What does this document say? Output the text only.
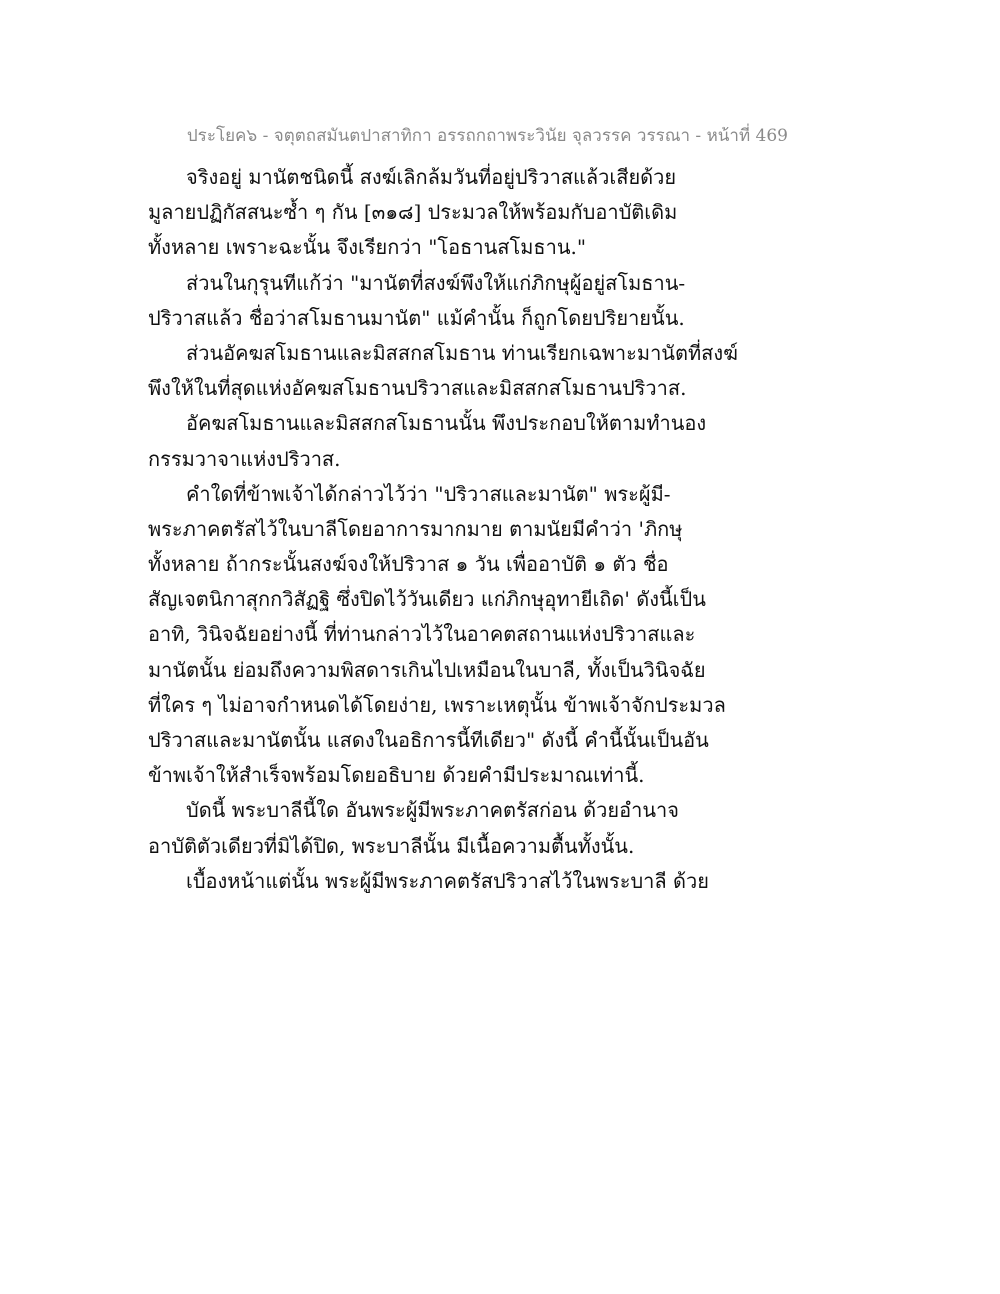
ประโยค๖ - จตุตถสมันตปาสาทิกา อรรถกถาพระวินัย จุลวรรค วรรณา - หน้าที่ 469
จริงอยู่ มานัตชนิดนี้ สงฆ์เลิกล้มวันที่อยู่ปริวาสแล้วเสียด้วย
มูลายปฏิกัสสนะซ้ำ ๆ กัน [๓๑๘] ประมวลให้พร้อมกับอาบัติเดิม
ทั้งหลาย เพราะฉะนั้น จึงเรียกว่า "โอธานสโมธาน."
ส่วนในกุรุนทีแก้ว่า "มานัตที่สงฆ์พึงให้แก่ภิกษุผู้อยู่สโมธาน-
ปริวาสแล้ว ชื่อว่าสโมธานมานัต" แม้คำนั้น ก็ถูกโดยปริยายนั้น.
ส่วนอัคฆสโมธานและมิสสกสโมธาน ท่านเรียกเฉพาะมานัตที่สงฆ์
พึงให้ในที่สุดแห่งอัคฆสโมธานปริวาสและมิสสกสโมธานปริวาส.
อัคฆสโมธานและมิสสกสโมธานนั้น พึงประกอบให้ตามทำนอง
กรรมวาจาแห่งปริวาส.
คำใดที่ข้าพเจ้าได้กล่าวไว้ว่า "ปริวาสและมานัต" พระผู้มี-
พระภาคตรัสไว้ในบาลีโดยอาการมากมาย ตามนัยมีคำว่า 'ภิกษุ
ทั้งหลาย ถ้ากระนั้นสงฆ์จงให้ปริวาส ๑ วัน เพื่ออาบัติ ๑ ตัว ชื่อ
สัญเจตนิกาสุกกวิสัฏฐิ ซึ่งปิดไว้วันเดียว แก่ภิกษุอุทายีเถิด' ดังนี้เป็น
อาทิ, วินิจฉัยอย่างนี้ ที่ท่านกล่าวไว้ในอาคตสถานแห่งปริวาสและ
มานัตนั้น ย่อมถึงความพิสดารเกินไปเหมือนในบาลี, ทั้งเป็นวินิจฉัย
ที่ใคร ๆ ไม่อาจกำหนดได้โดยง่าย, เพราะเหตุนั้น ข้าพเจ้าจักประมวล
ปริวาสและมานัตนั้น แสดงในอธิการนี้ทีเดียว" ดังนี้ คำนี้นั้นเป็นอัน
ข้าพเจ้าให้สำเร็จพร้อมโดยอธิบาย ด้วยคำมีประมาณเท่านี้.
บัดนี้ พระบาลีนี้ใด อันพระผู้มีพระภาคตรัสก่อน ด้วยอำนาจ
อาบัติตัวเดียวที่มิได้ปิด, พระบาลีนั้น มีเนื้อความตื้นทั้งนั้น.
เบื้องหน้าแต่นั้น พระผู้มีพระภาคตรัสปริวาสไว้ในพระบาลี ด้วย
